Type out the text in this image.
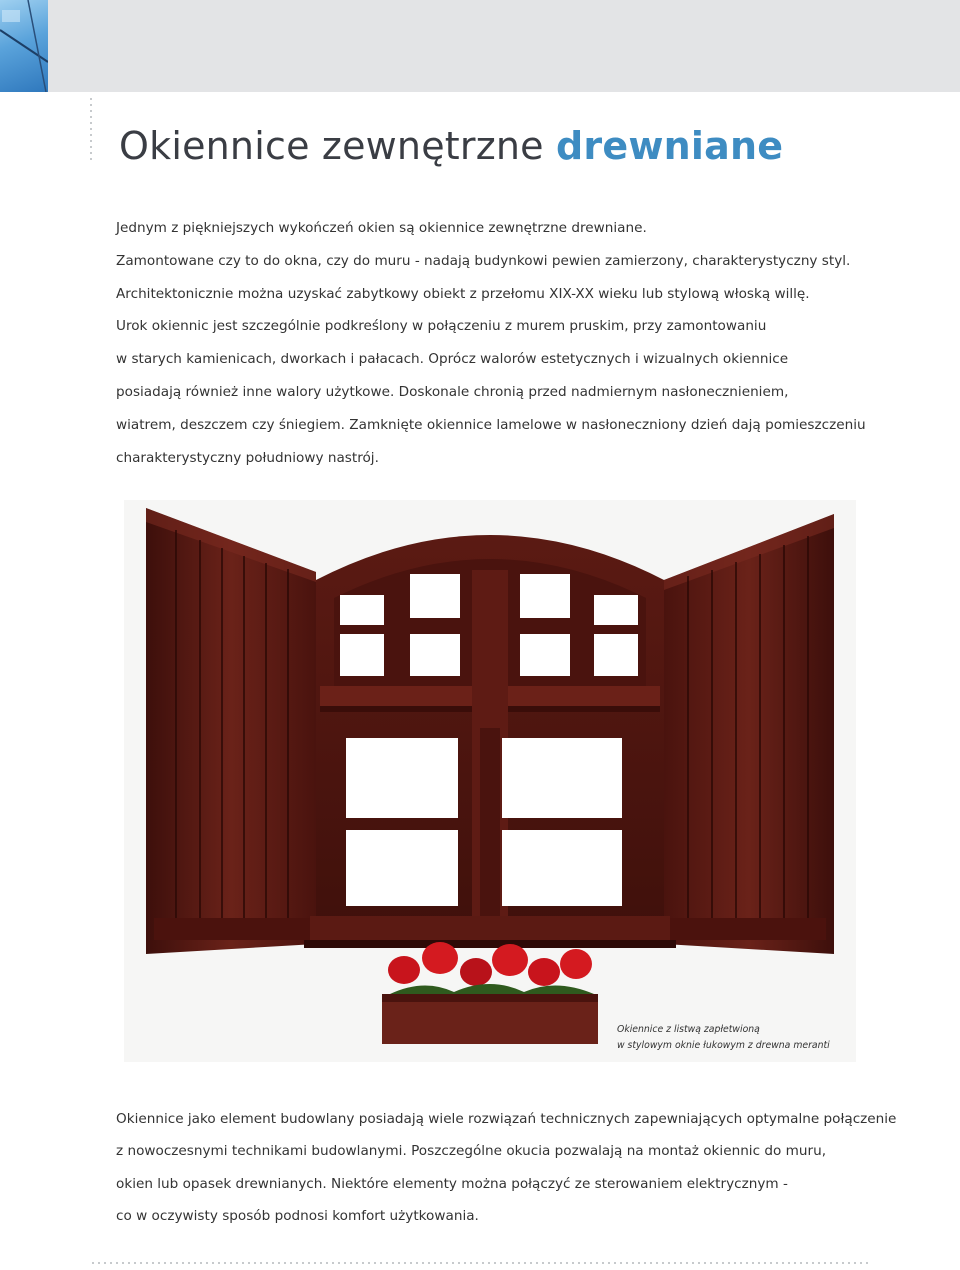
Okiennice zewnętrzne drewniane

Jednym z piękniejszych wykończeń okien są okiennice zewnętrzne drewniane.
Zamontowane czy to do okna, czy do muru - nadają budynkowi pewien zamierzony, charakterystyczny styl.
Architektonicznie można uzyskać zabytkowy obiekt z przełomu XIX-XX wieku lub stylową włoską willę.
Urok okiennic jest szczególnie podkreślony w połączeniu z murem pruskim, przy zamontowaniu
w starych kamienicach, dworkach i pałacach. Oprócz walorów estetycznych i wizualnych okiennice
posiadają również inne walory użytkowe. Doskonale chronią przed nadmiernym nasłonecznieniem,
wiatrem, deszczem czy śniegiem. Zamknięte okiennice lamelowe w nasłoneczniony dzień dają pomieszczeniu
charakterystyczny południowy nastrój.

Okiennice z listwą zapłetwioną
w stylowym oknie łukowym z drewna meranti

Okiennice jako element budowlany posiadają wiele rozwiązań technicznych zapewniających optymalne połączenie
z nowoczesnymi technikami budowlanymi. Poszczególne okucia pozwalają na montaż okiennic do muru,
okien lub opasek drewnianych. Niektóre elementy można połączyć ze sterowaniem elektrycznym -
co w oczywisty sposób podnosi komfort użytkowania.
